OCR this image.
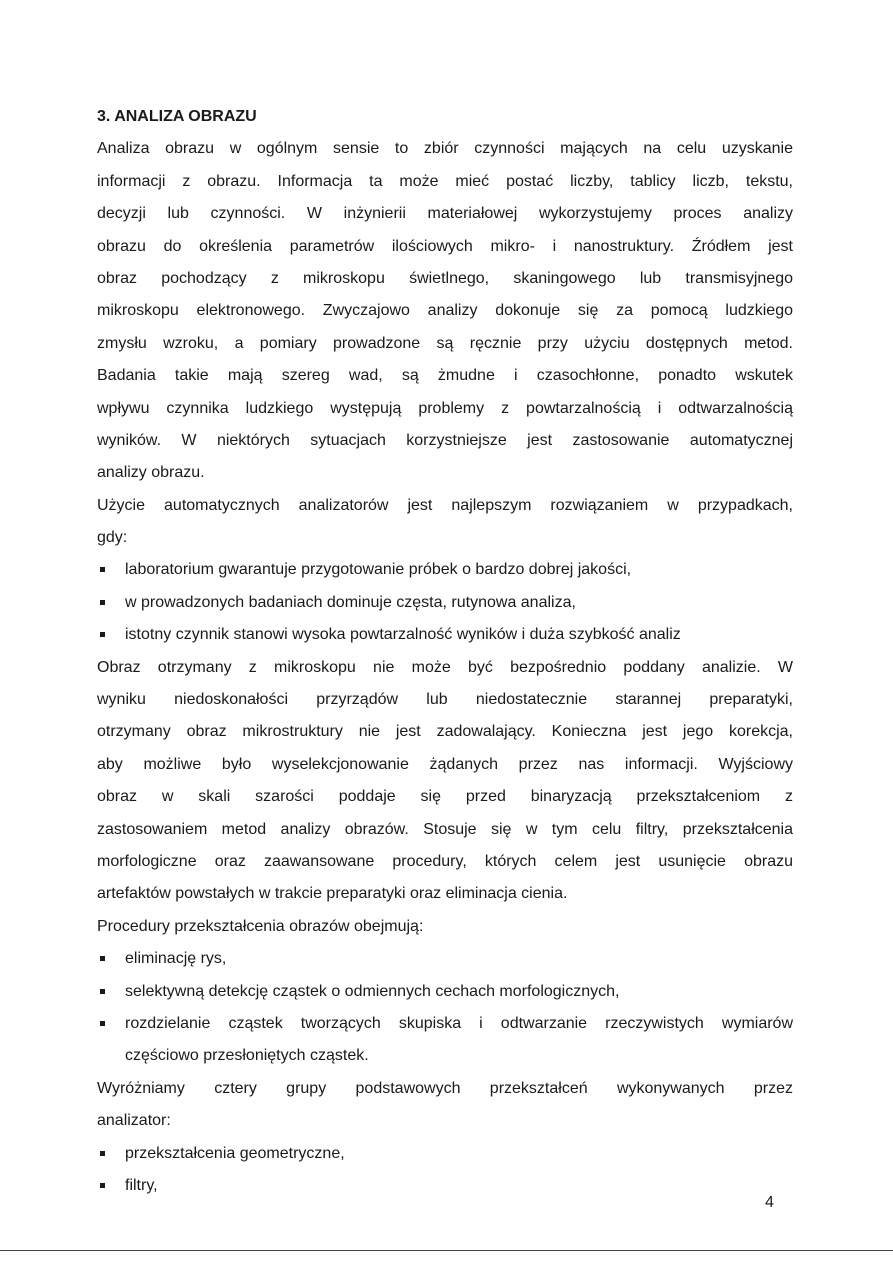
3. ANALIZA OBRAZU
Analiza obrazu w ogólnym sensie to zbiór czynności mających na celu uzyskanie
informacji z obrazu. Informacja ta może mieć postać liczby, tablicy liczb, tekstu,
decyzji lub czynności. W inżynierii materiałowej wykorzystujemy proces analizy
obrazu do określenia parametrów ilościowych mikro- i nanostruktury. Źródłem jest
obraz pochodzący z mikroskopu świetlnego, skaningowego lub transmisyjnego
mikroskopu elektronowego. Zwyczajowo analizy dokonuje się za pomocą ludzkiego
zmysłu wzroku, a pomiary prowadzone są ręcznie przy użyciu dostępnych metod.
Badania takie mają szereg wad, są żmudne i czasochłonne, ponadto wskutek
wpływu czynnika ludzkiego występują problemy z powtarzalnością i odtwarzalnością
wyników. W niektórych sytuacjach korzystniejsze jest zastosowanie automatycznej
analizy obrazu.
Użycie automatycznych analizatorów jest najlepszym rozwiązaniem w przypadkach,
gdy:
laboratorium gwarantuje przygotowanie próbek o bardzo dobrej jakości,
w prowadzonych badaniach dominuje częsta, rutynowa analiza,
istotny czynnik stanowi wysoka powtarzalność wyników i duża szybkość analiz
Obraz otrzymany z mikroskopu nie może być bezpośrednio poddany analizie. W
wyniku niedoskonałości przyrządów lub niedostatecznie starannej preparatyki,
otrzymany obraz mikrostruktury nie jest zadowalający. Konieczna jest jego korekcja,
aby możliwe było wyselekcjonowanie żądanych przez nas informacji. Wyjściowy
obraz w skali szarości poddaje się przed binaryzacją przekształceniom z
zastosowaniem metod analizy obrazów. Stosuje się w tym celu filtry, przekształcenia
morfologiczne oraz zaawansowane procedury, których celem jest usunięcie obrazu
artefaktów powstałych w trakcie preparatyki oraz eliminacja cienia.
Procedury przekształcenia obrazów obejmują:
eliminację rys,
selektywną detekcję cząstek o odmiennych cechach morfologicznych,
rozdzielanie cząstek tworzących skupiska i odtwarzanie rzeczywistych wymiarów
częściowo przesłoniętych cząstek.
Wyróżniamy cztery grupy podstawowych przekształceń wykonywanych przez
analizator:
przekształcenia geometryczne,
filtry,
4
